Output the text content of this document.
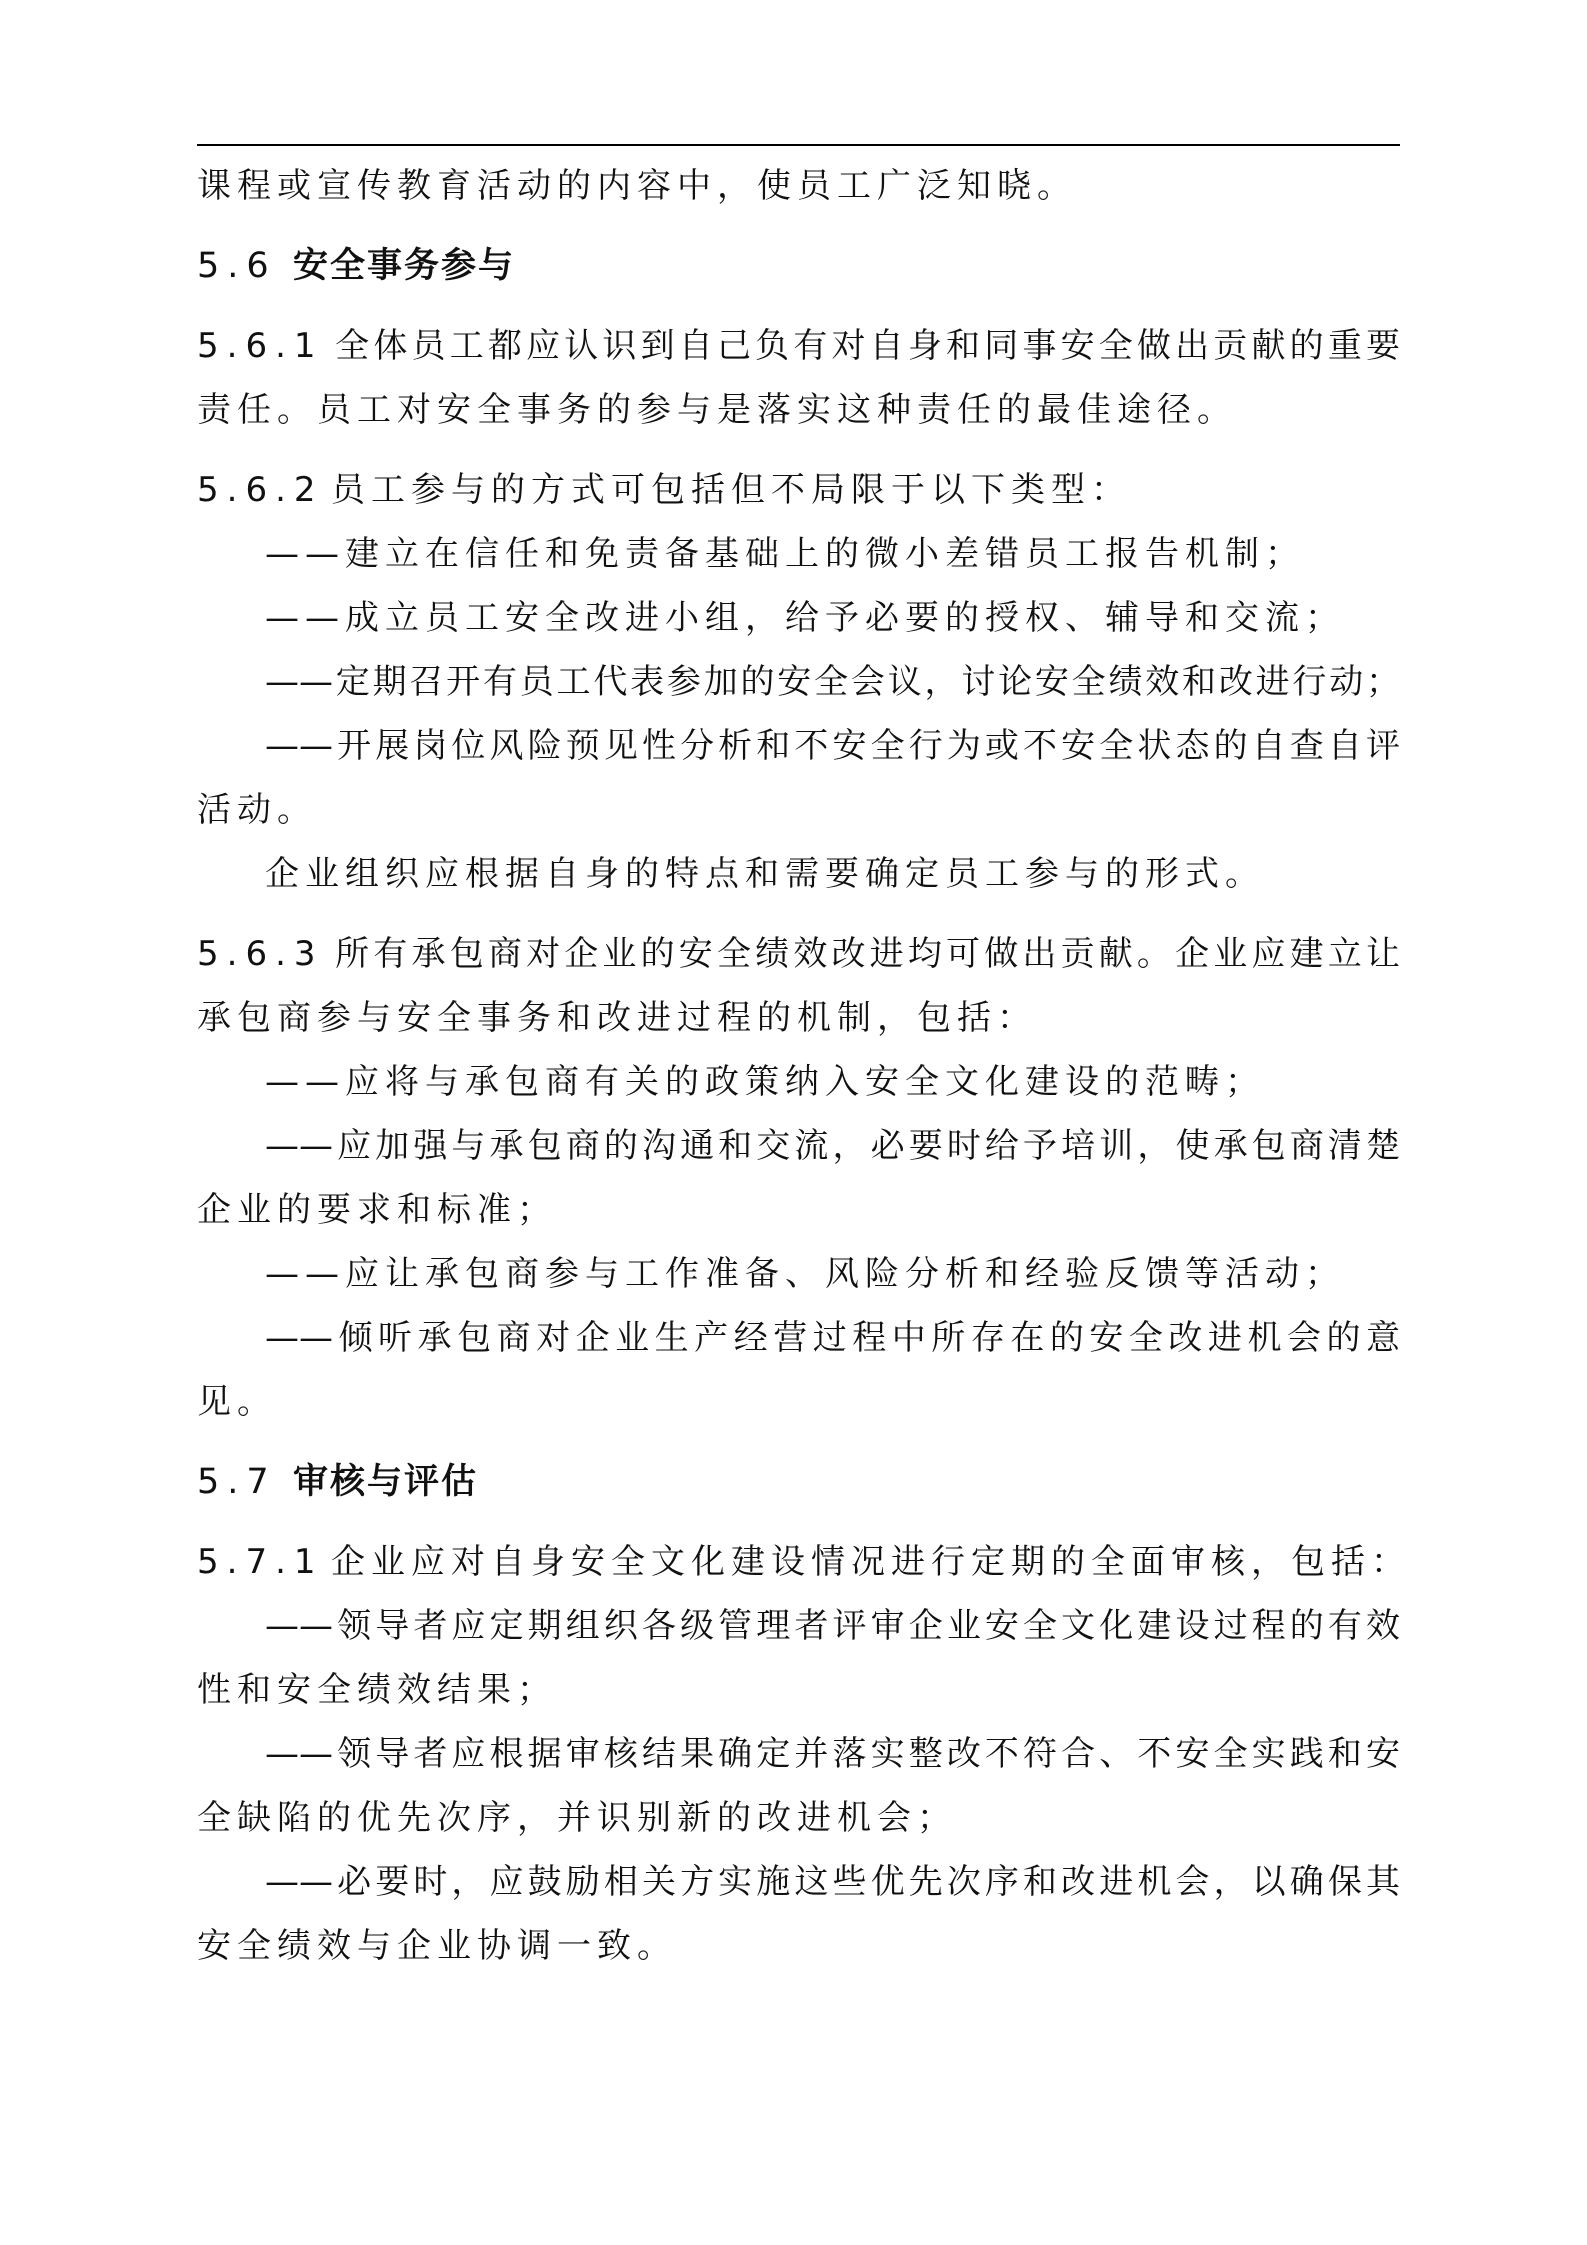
课程或宣传教育活动的内容中，使员工广泛知晓。
5.6 安全事务参与
5.6.1 全体员工都应认识到自己负有对自身和同事安全做出贡献的重要
责任。员工对安全事务的参与是落实这种责任的最佳途径。
5.6.2 员工参与的方式可包括但不局限于以下类型：
——建立在信任和免责备基础上的微小差错员工报告机制；
——成立员工安全改进小组，给予必要的授权、辅导和交流；
——定期召开有员工代表参加的安全会议，讨论安全绩效和改进行动；
——开展岗位风险预见性分析和不安全行为或不安全状态的自查自评
活动。
企业组织应根据自身的特点和需要确定员工参与的形式。
5.6.3 所有承包商对企业的安全绩效改进均可做出贡献。企业应建立让
承包商参与安全事务和改进过程的机制，包括：
——应将与承包商有关的政策纳入安全文化建设的范畴；
——应加强与承包商的沟通和交流，必要时给予培训，使承包商清楚
企业的要求和标准；
——应让承包商参与工作准备、风险分析和经验反馈等活动；
——倾听承包商对企业生产经营过程中所存在的安全改进机会的意
见。
5.7 审核与评估
5.7.1 企业应对自身安全文化建设情况进行定期的全面审核，包括：
——领导者应定期组织各级管理者评审企业安全文化建设过程的有效
性和安全绩效结果；
——领导者应根据审核结果确定并落实整改不符合、不安全实践和安
全缺陷的优先次序，并识别新的改进机会；
——必要时，应鼓励相关方实施这些优先次序和改进机会，以确保其
安全绩效与企业协调一致。
